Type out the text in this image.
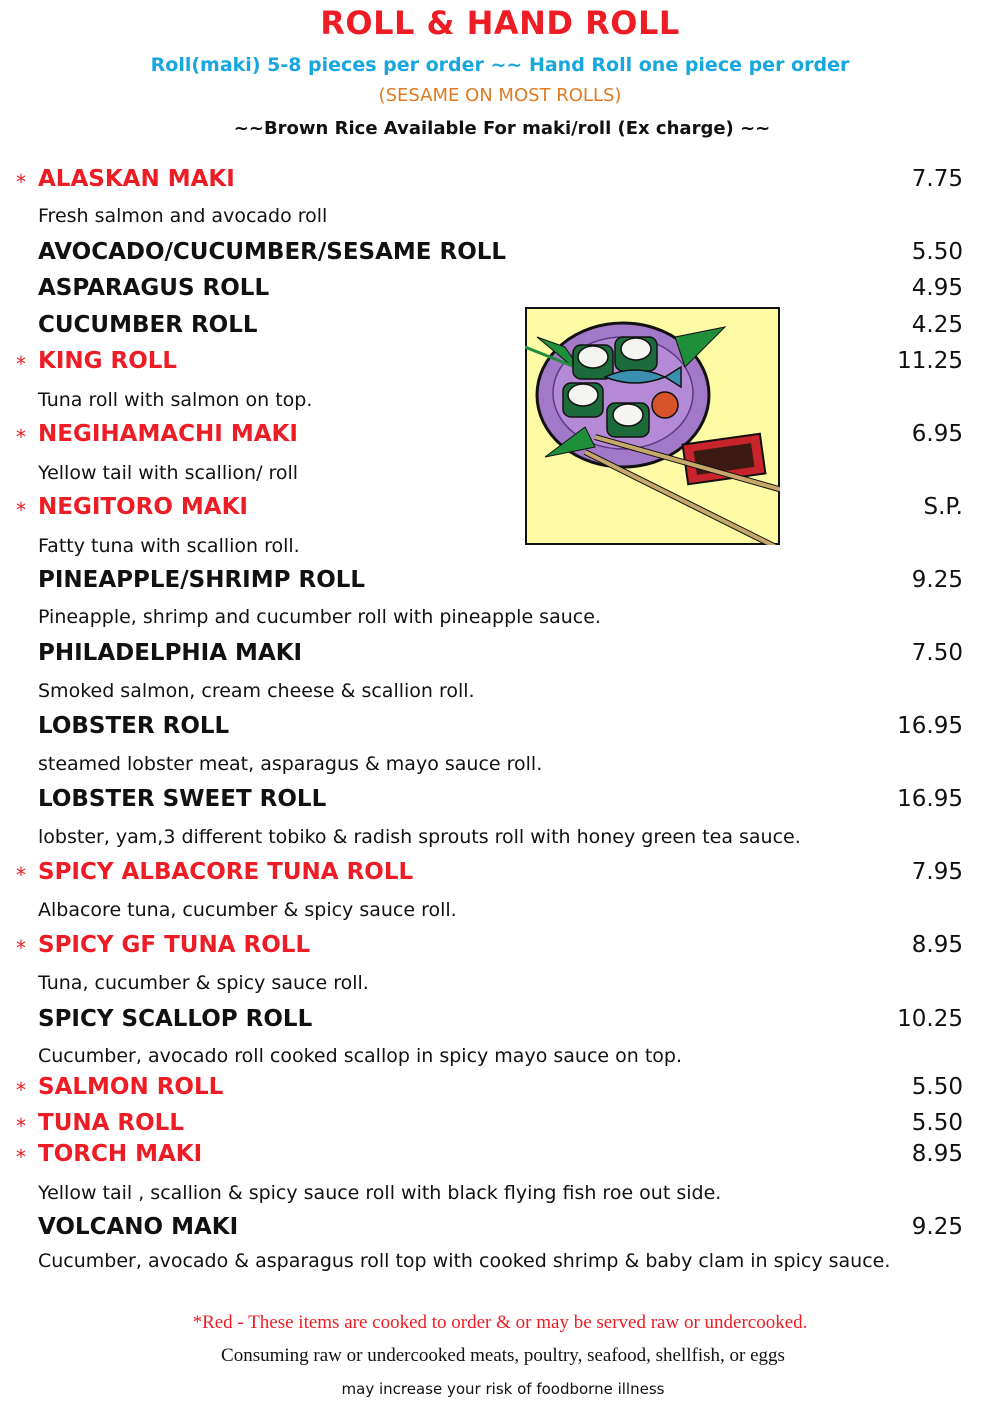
ROLL & HAND ROLL
Roll(maki) 5-8 pieces per order ~~ Hand Roll one piece per order
(SESAME ON MOST ROLLS)
~~Brown Rice Available For maki/roll (Ex charge) ~~
* ALASKAN MAKI	7.75
Fresh salmon and avocado roll
AVOCADO/CUCUMBER/SESAME ROLL	5.50
ASPARAGUS ROLL	4.95
CUCUMBER ROLL	4.25
* KING ROLL	11.25
Tuna roll with salmon on top.
* NEGIHAMACHI MAKI	6.95
Yellow tail with scallion/ roll
* NEGITORO MAKI	S.P.
Fatty tuna with scallion roll.
PINEAPPLE/SHRIMP ROLL	9.25
Pineapple, shrimp and cucumber roll with pineapple sauce.
PHILADELPHIA MAKI	7.50
Smoked salmon, cream cheese & scallion roll.
LOBSTER ROLL	16.95
steamed lobster meat, asparagus & mayo sauce roll.
LOBSTER SWEET ROLL	16.95
lobster, yam,3 different tobiko & radish sprouts roll with honey green tea sauce.
* SPICY ALBACORE TUNA ROLL	7.95
Albacore tuna, cucumber & spicy sauce roll.
* SPICY GF TUNA ROLL	8.95
Tuna, cucumber & spicy sauce roll.
SPICY SCALLOP ROLL	10.25
Cucumber, avocado roll cooked scallop in spicy mayo sauce on top.
* SALMON ROLL	5.50
* TUNA ROLL	5.50
* TORCH MAKI	8.95
Yellow tail , scallion & spicy sauce roll with black flying fish roe out side.
VOLCANO MAKI	9.25
Cucumber, avocado & asparagus roll top with cooked shrimp & baby clam in spicy sauce.
*Red - These items are cooked to order & or may be served raw or undercooked.
Consuming raw or undercooked meats, poultry, seafood, shellfish, or eggs
may increase your risk of foodborne illness
